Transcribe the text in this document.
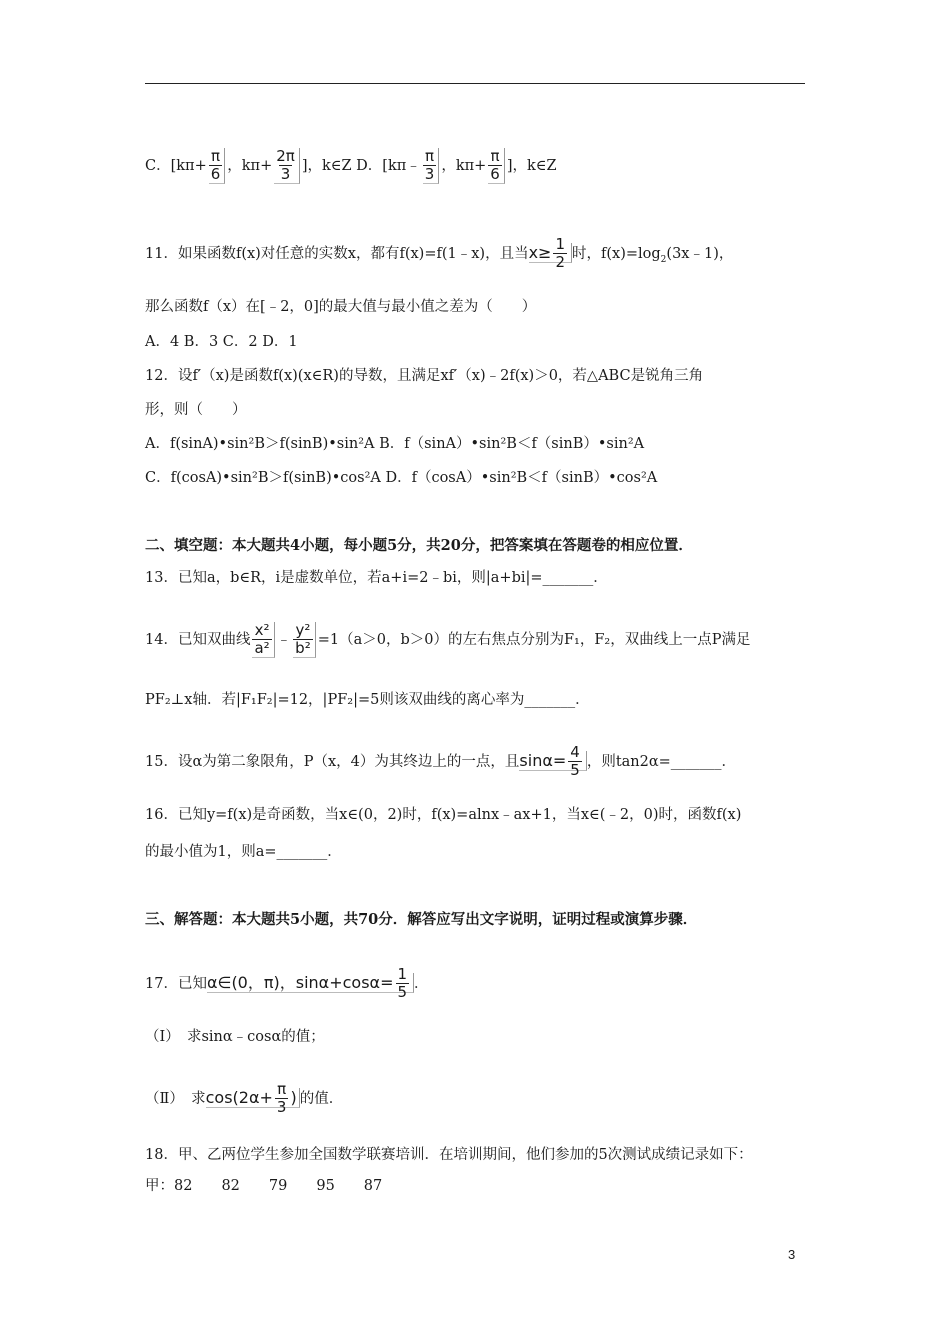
C．[$k\pi+ \frac{\pi}{6}$ ，$k\pi+ \frac{2\pi}{3}$ ]，k∈Z D．[kπ﹣ $\frac{\pi}{3}$ ，$k\pi+ \frac{\pi}{6}$ ]，k∈Z
11．如果函数f(x)对任意的实数x，都有f(x)=f(1﹣x)，且当$x\ge \frac{1}{2}$ 时，$f(x)=\log_2(3x﹣1)$，
那么函数f（x）在[﹣2，0]的最大值与最小值之差为（　　）
A．4 B．3 C．2 D．1
12．设f′（x)是函数f(x)(x∈R)的导数，且满足xf′（x)﹣2f(x)＞0，若△ABC是锐角三角
形，则（　　）
A．f(sinA)•sin²B＞f(sinB)•sin²A B．f（sinA）•sin²B＜f（sinB）•sin²A
C．f(cosA)•sin²B＞f(sinB)•cos²A D．f（cosA）•sin²B＜f（sinB）•cos²A
二、填空题：本大题共4小题，每小题5分，共20分，把答案填在答题卷的相应位置．
13．已知a，b∈R，i是虚数单位，若a+i=2﹣bi，则|a+bi|=_______．
14．已知双曲线 $\frac{\text{x²}}{\text{a²}}$ ﹣ $\frac{\text{y²}}{\text{b²}} =1(a>0$，b＞0）的左右焦点分别为F₁，F₂，双曲线上一点P满足
PF₂⊥x轴．若|F₁F₂|=12，|PF₂|=5则该双曲线的离心率为_______．
15．设α为第二象限角，P（x，4）为其终边上的一点，且$\sin\alpha= \frac{4}{5}$ ，则tan2α=_______．
16．已知y=f(x)是奇函数，当x∈(0，2)时，f(x)=alnx﹣ax+1，当x∈(﹣2，0)时，函数f(x)
的最小值为1，则a=_______．
三、解答题：本大题共5小题，共70分．解答应写出文字说明，证明过程或演算步骤．
17．已知α∈(0，π)，$\sin\alpha+\cos\alpha= \frac{1}{5}$ ．
（Ⅰ）　求sinα﹣cosα的值；
（Ⅱ）　求$\cos(2\alpha+ \frac{\pi}{3}$ ) 的值．
18．甲、乙两位学生参加全国数学联赛培训．在培训期间，他们参加的5次测试成绩记录如下：
甲：82　　82　　79　　95　　87
3
